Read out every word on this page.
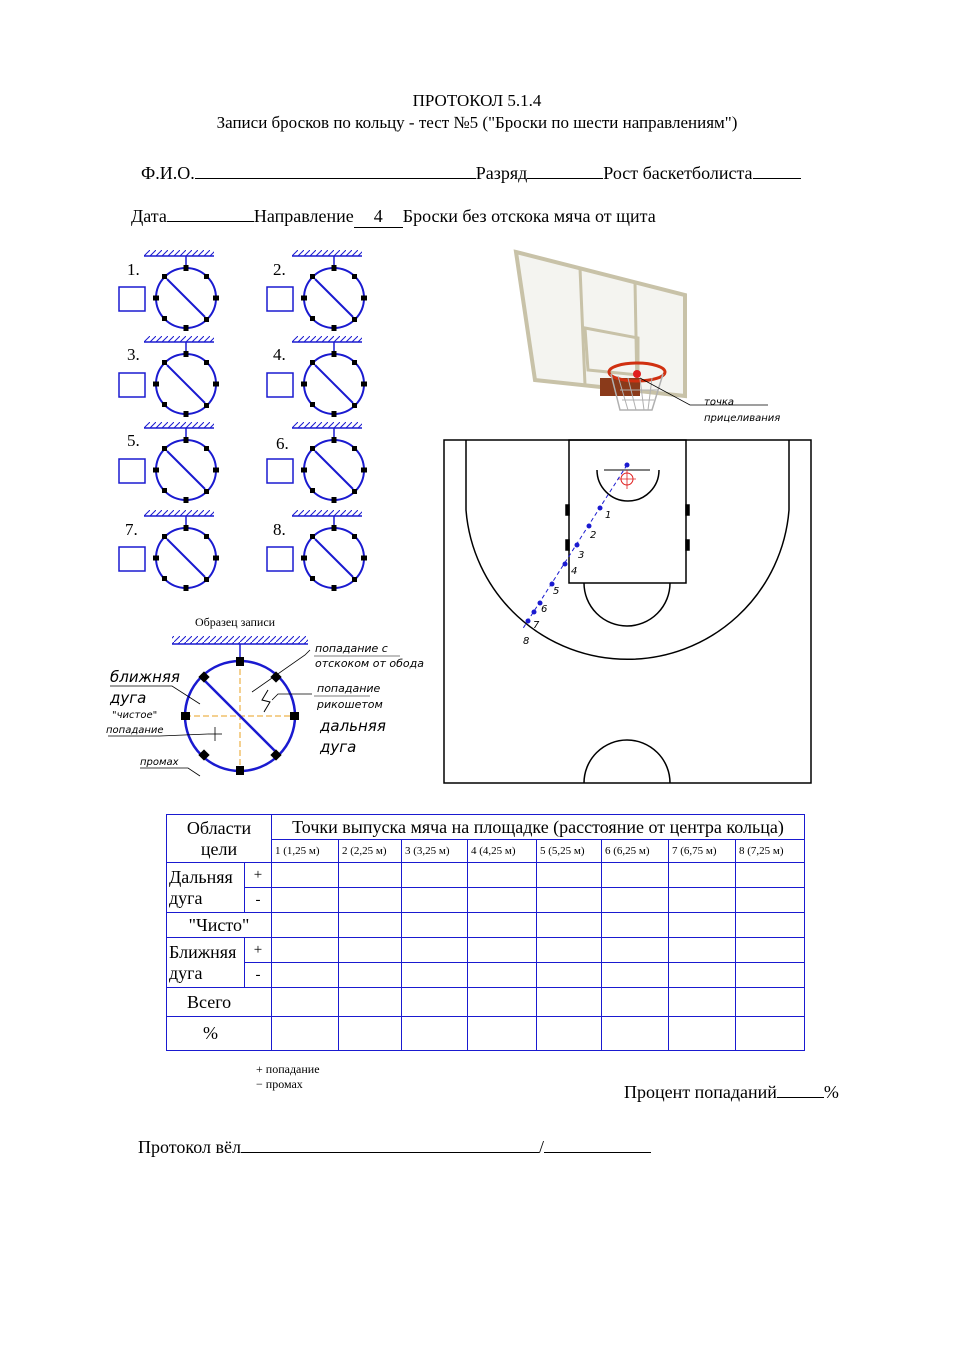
ПРОТОКОЛ 5.1.4
Записи бросков по кольцу - тест №5 ("Броски по шести направлениям")
Ф.И.О.	Разряд	Рост баскетболиста
Дата	Направление 4 Броски без отскока мяча от щита
1.	2.
3.	4.
5.	6.
7.	8.
Образец записи
попадание с
отскоком от обода
попадание
рикошетом
дальняя
дуга
ближняя
дуга
"чистое"
попадание
промах
точка
прицеливания
1
2
3
4
5
6
7
8
Области цели		Точки выпуска мяча на площадке (расстояние от центра кольца)							
		1 (1,25 м)	2 (2,25 м)	3 (3,25 м)	4 (4,25 м)	5 (5,25 м)	6 (6,25 м)	7 (6,75 м)	8 (7,25 м)
Дальняя дуга	+								
	-								
"Чисто"									
Ближняя дуга	+								
	-								
Всего									
%									
+ попадание
− промах	Процент попаданий	%
Протокол вёл	/
